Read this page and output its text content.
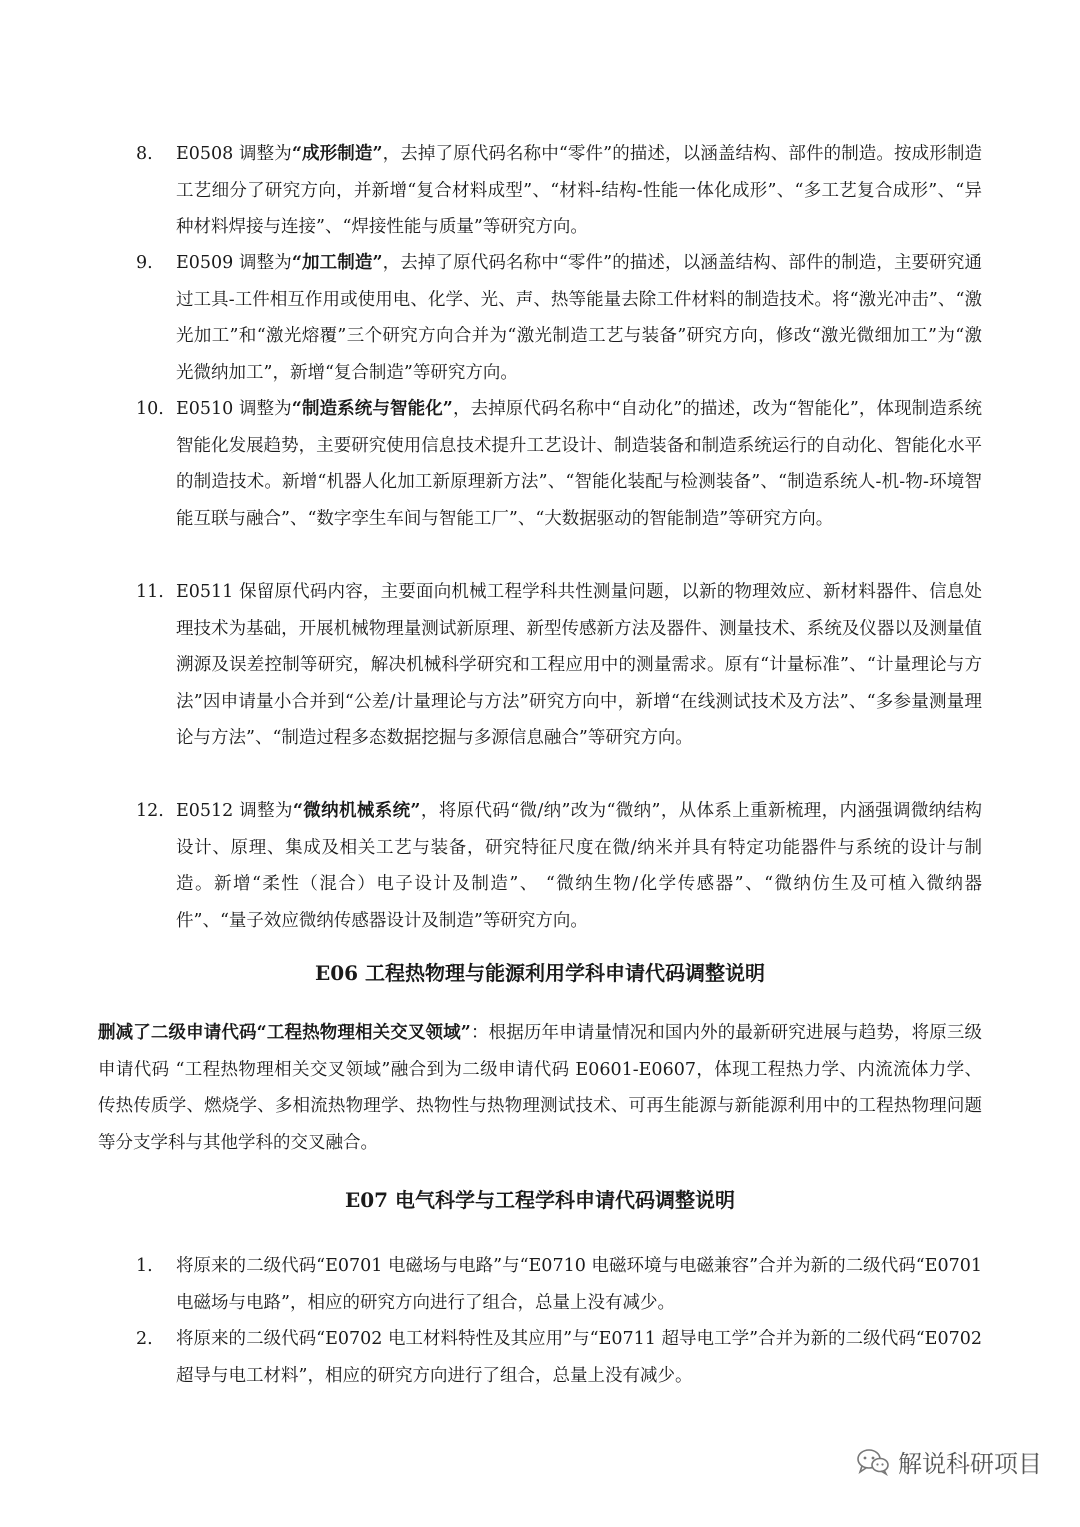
8. E0508 调整为“成形制造”，去掉了原代码名称中“零件”的描述，以涵盖结构、部件的制造。按成形制造工艺细分了研究方向，并新增“复合材料成型”、“材料-结构-性能一体化成形”、“多工艺复合成形”、“异种材料焊接与连接”、“焊接性能与质量”等研究方向。
9. E0509 调整为“加工制造”，去掉了原代码名称中“零件”的描述，以涵盖结构、部件的制造，主要研究通过工具-工件相互作用或使用电、化学、光、声、热等能量去除工件材料的制造技术。将“激光冲击”、“激光加工”和“激光熔覆”三个研究方向合并为“激光制造工艺与装备”研究方向，修改“激光微细加工”为“激光微纳加工”，新增“复合制造”等研究方向。
10. E0510 调整为“制造系统与智能化”，去掉原代码名称中“自动化”的描述，改为“智能化”，体现制造系统智能化发展趋势，主要研究使用信息技术提升工艺设计、制造装备和制造系统运行的自动化、智能化水平的制造技术。新增“机器人化加工新原理新方法”、“智能化装配与检测装备”、“制造系统人-机-物-环境智能互联与融合”、“数字孪生车间与智能工厂”、“大数据驱动的智能制造”等研究方向。
11. E0511 保留原代码内容，主要面向机械工程学科共性测量问题，以新的物理效应、新材料器件、信息处理技术为基础，开展机械物理量测试新原理、新型传感新方法及器件、测量技术、系统及仪器以及测量值溯源及误差控制等研究，解决机械科学研究和工程应用中的测量需求。原有“计量标准”、“计量理论与方法”因申请量小合并到“公差/计量理论与方法”研究方向中，新增“在线测试技术及方法”、“多参量测量理论与方法”、“制造过程多态数据挖掘与多源信息融合”等研究方向。
12. E0512 调整为“微纳机械系统”，将原代码“微/纳”改为“微纳”，从体系上重新梳理，内涵强调微纳结构设计、原理、集成及相关工艺与装备，研究特征尺度在微/纳米并具有特定功能器件与系统的设计与制造。新增“柔性（混合）电子设计及制造”、 “微纳生物/化学传感器”、“微纳仿生及可植入微纳器件”、“量子效应微纳传感器设计及制造”等研究方向。
E06 工程热物理与能源利用学科申请代码调整说明
删减了二级申请代码“工程热物理相关交叉领域”：根据历年申请量情况和国内外的最新研究进展与趋势，将原三级申请代码 “工程热物理相关交叉领域”融合到为二级申请代码 E0601-E0607，体现工程热力学、内流流体力学、传热传质学、燃烧学、多相流热物理学、热物性与热物理测试技术、可再生能源与新能源利用中的工程热物理问题等分支学科与其他学科的交叉融合。
E07 电气科学与工程学科申请代码调整说明
1. 将原来的二级代码“E0701 电磁场与电路”与“E0710 电磁环境与电磁兼容”合并为新的二级代码“E0701 电磁场与电路”，相应的研究方向进行了组合，总量上没有减少。
2. 将原来的二级代码“E0702 电工材料特性及其应用”与“E0711 超导电工学”合并为新的二级代码“E0702 超导与电工材料”，相应的研究方向进行了组合，总量上没有减少。
解说科研项目
